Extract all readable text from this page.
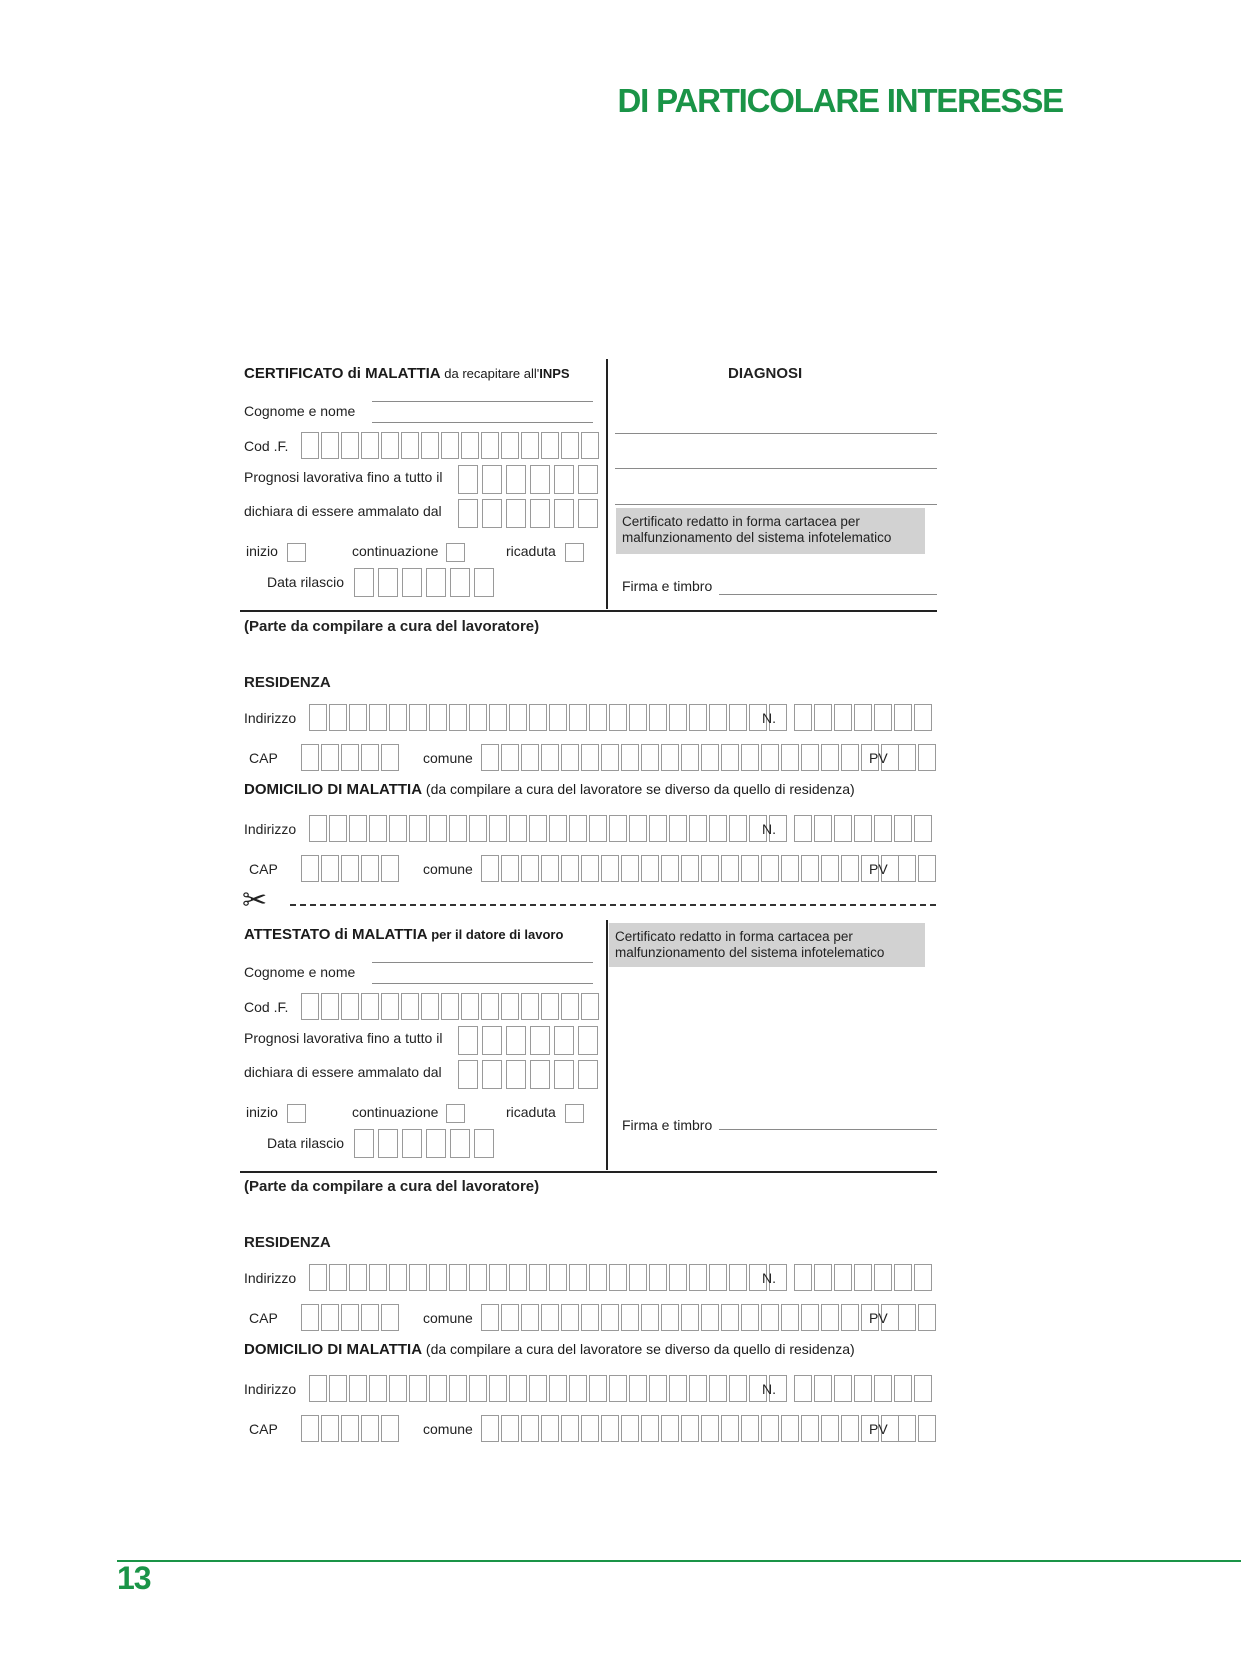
DI PARTICOLARE INTERESSE
CERTIFICATO di MALATTIA da recapitare all'INPS
Cognome e nome
Cod .F.
Prognosi lavorativa fino a tutto il
dichiara di essere ammalato dal
inizio	continuazione	ricaduta
Data rilascio
DIAGNOSI
Certificato redatto in forma cartacea per malfunzionamento del sistema infotelematico
Firma e timbro
(Parte da compilare a cura del lavoratore)
RESIDENZA
Indirizzo	N.
CAP	comune	PV
DOMICILIO DI MALATTIA (da compilare a cura del lavoratore se diverso da quello di residenza)
Indirizzo	N.
CAP	comune	PV
✂
ATTESTATO di MALATTIA per il datore di lavoro
Cognome e nome
Cod .F.
Prognosi lavorativa fino a tutto il
dichiara di essere ammalato dal
inizio	continuazione	ricaduta
Data rilascio
Certificato redatto in forma cartacea per malfunzionamento del sistema infotelematico
Firma e timbro
(Parte da compilare a cura del lavoratore)
RESIDENZA
Indirizzo	N.
CAP	comune	PV
DOMICILIO DI MALATTIA (da compilare a cura del lavoratore se diverso da quello di residenza)
Indirizzo	N.
CAP	comune	PV
13
